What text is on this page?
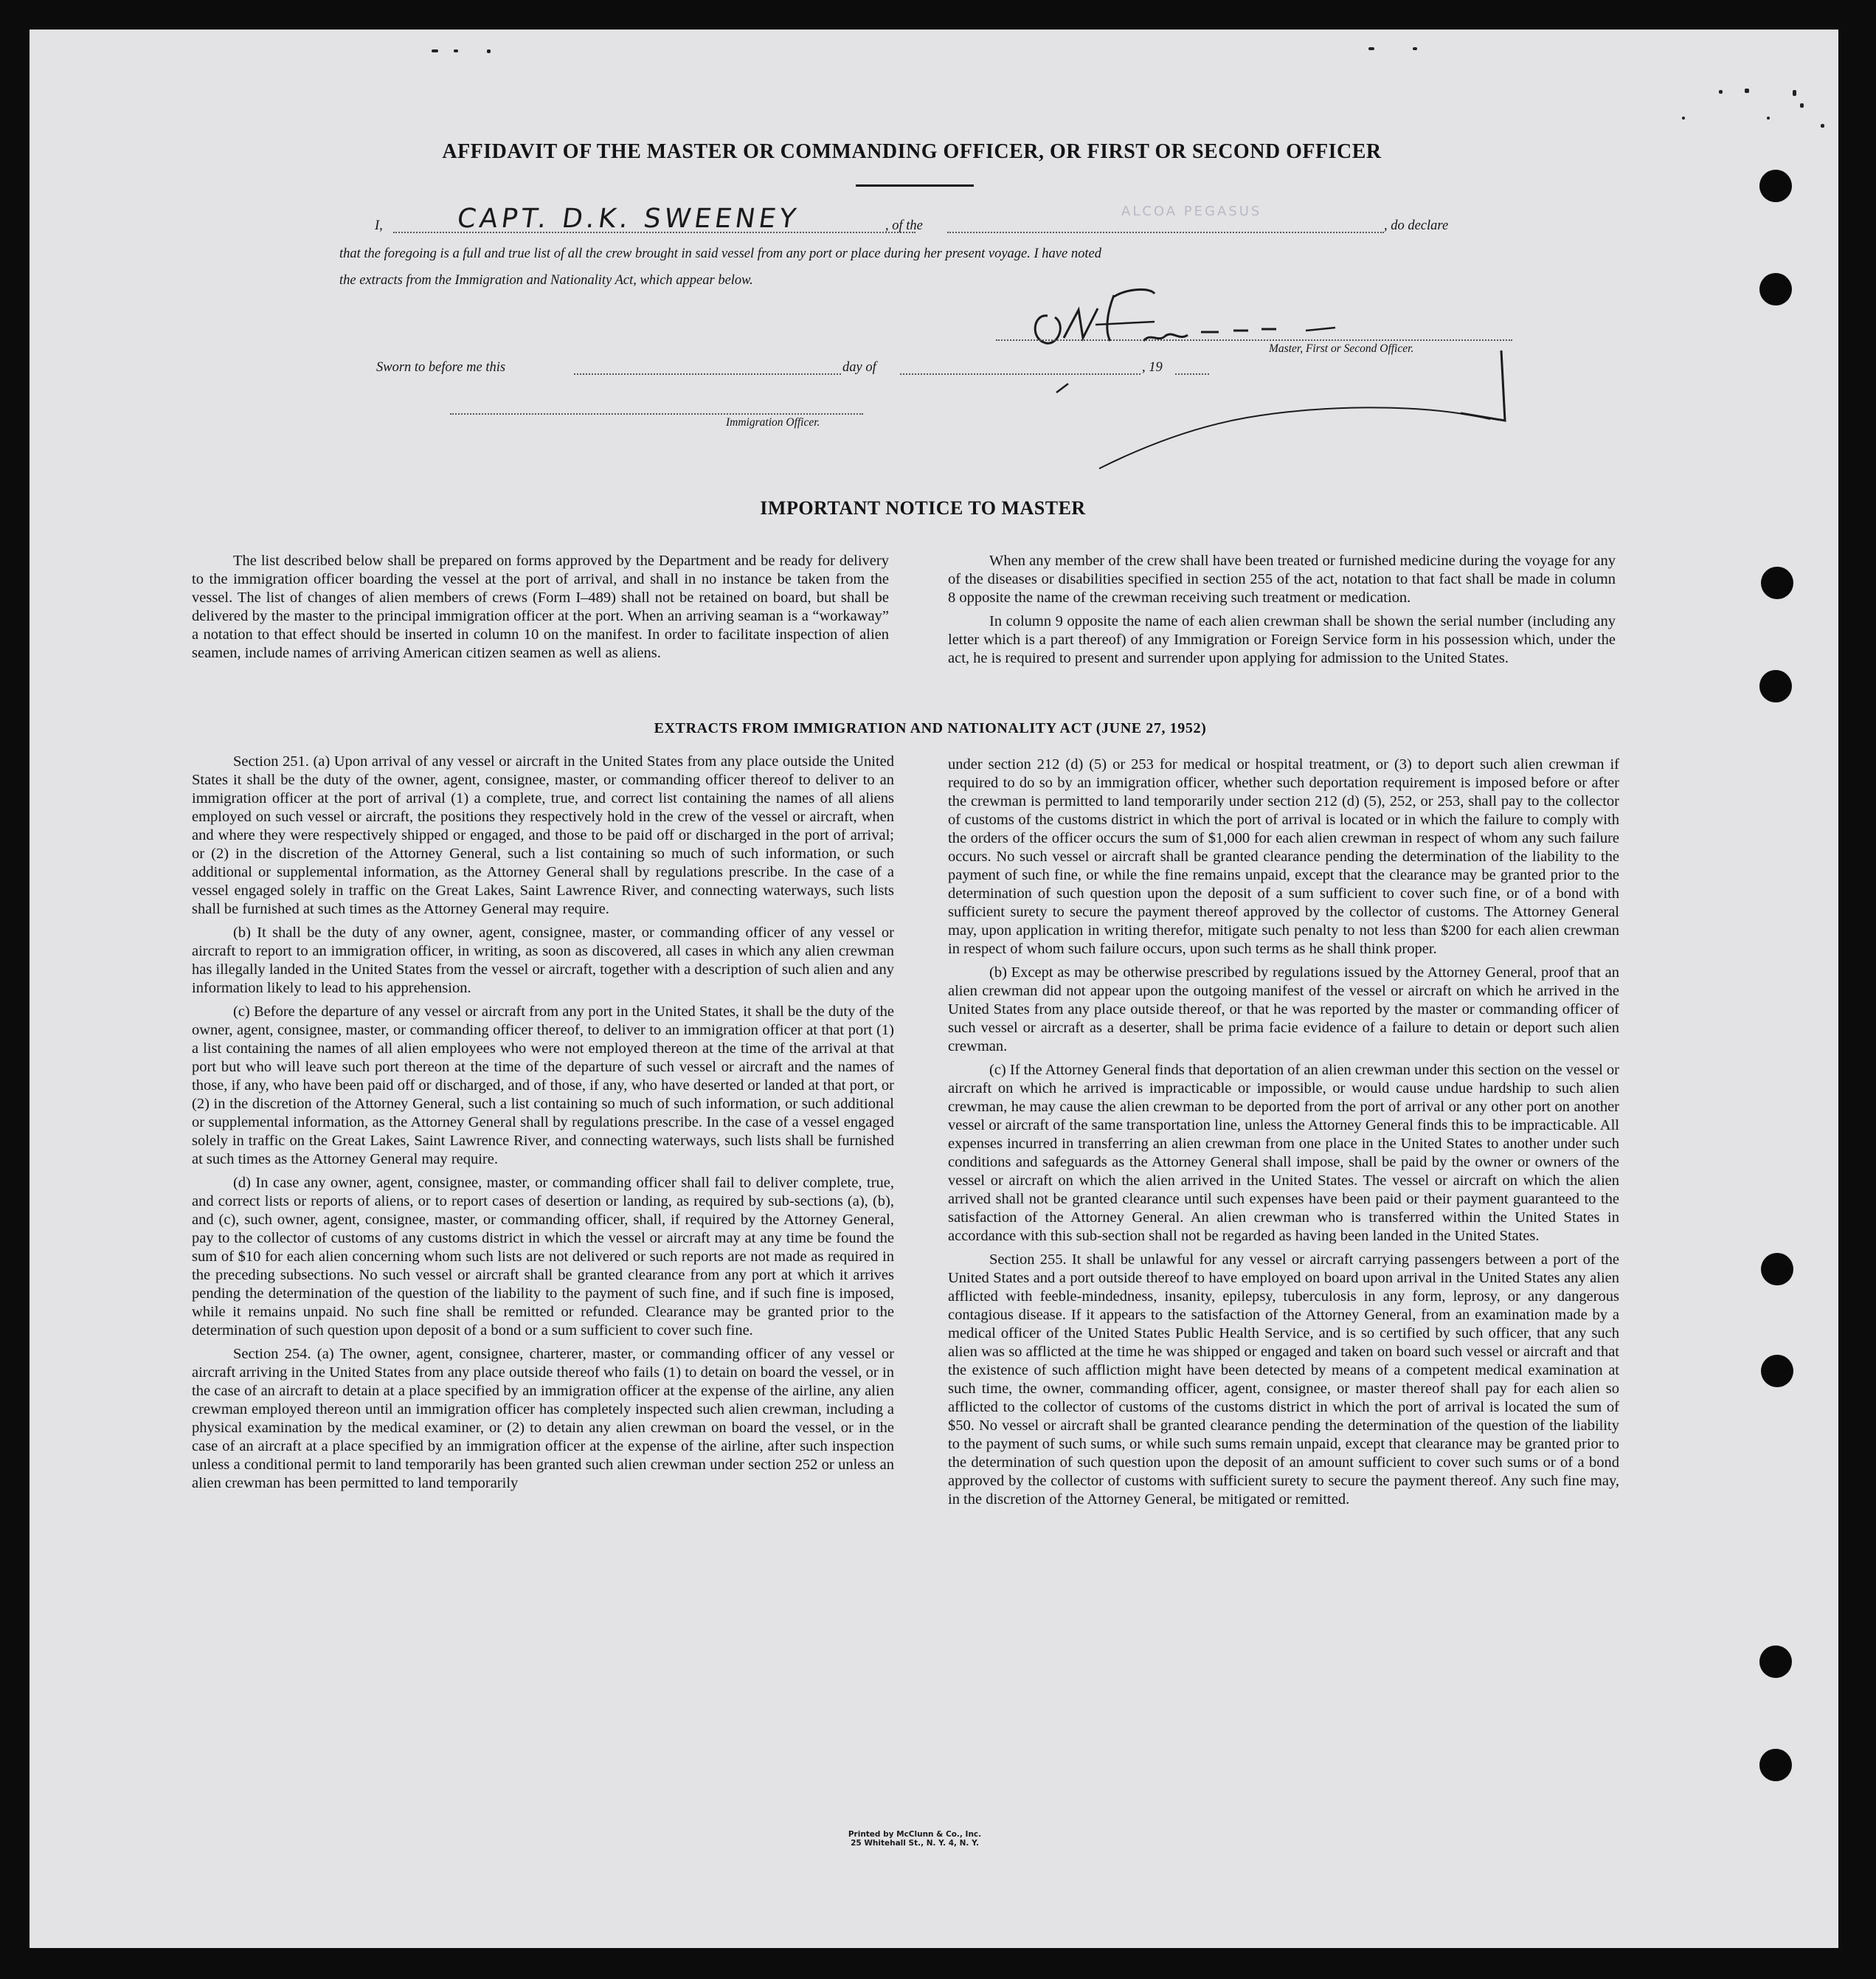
AFFIDAVIT OF THE MASTER OR COMMANDING OFFICER, OR FIRST OR SECOND OFFICER
I,	CAPT. D.K. SWEENEY	, of the
ALCOA PEGASUS
, do declare
that the foregoing is a full and true list of all the crew brought in said vessel from any port or place during her present voyage. I have noted
the extracts from the Immigration and Nationality Act, which appear below.
Master, First or Second Officer.
Sworn to before me this	day of	, 19
Immigration Officer.
IMPORTANT NOTICE TO MASTER

The list described below shall be prepared on forms approved by the Department and be ready for delivery to the immigration officer boarding the vessel at the port of arrival, and shall in no instance be taken from the vessel. The list of changes of alien members of crews (Form I–489) shall not be retained on board, but shall be delivered by the master to the principal immigration officer at the port. When an arriving seaman is a “workaway” a notation to that effect should be inserted in column 10 on the manifest. In order to facilitate inspection of alien seamen, include names of arriving American citizen seamen as well as aliens.

When any member of the crew shall have been treated or furnished medicine during the voyage for any of the diseases or disabilities specified in section 255 of the act, notation to that fact shall be made in column 8 opposite the name of the crewman receiving such treatment or medication.

In column 9 opposite the name of each alien crewman shall be shown the serial number (including any letter which is a part thereof) of any Immigration or Foreign Service form in his possession which, under the act, he is required to present and surrender upon applying for admission to the United States.

EXTRACTS FROM IMMIGRATION AND NATIONALITY ACT (JUNE 27, 1952)

Section 251. (a) Upon arrival of any vessel or aircraft in the United States from any place outside the United States it shall be the duty of the owner, agent, consignee, master, or commanding officer thereof to deliver to an immigration officer at the port of arrival (1) a complete, true, and correct list containing the names of all aliens employed on such vessel or aircraft, the positions they respectively hold in the crew of the vessel or aircraft, when and where they were respectively shipped or engaged, and those to be paid off or discharged in the port of arrival; or (2) in the discretion of the Attorney General, such a list containing so much of such information, or such additional or supplemental information, as the Attorney General shall by regulations prescribe. In the case of a vessel engaged solely in traffic on the Great Lakes, Saint Lawrence River, and connecting waterways, such lists shall be furnished at such times as the Attorney General may require.

(b) It shall be the duty of any owner, agent, consignee, master, or commanding officer of any vessel or aircraft to report to an immigration officer, in writing, as soon as discovered, all cases in which any alien crewman has illegally landed in the United States from the vessel or aircraft, together with a description of such alien and any information likely to lead to his apprehension.

(c) Before the departure of any vessel or aircraft from any port in the United States, it shall be the duty of the owner, agent, consignee, master, or commanding officer thereof, to deliver to an immigration officer at that port (1) a list containing the names of all alien employees who were not employed thereon at the time of the arrival at that port but who will leave such port thereon at the time of the departure of such vessel or aircraft and the names of those, if any, who have been paid off or discharged, and of those, if any, who have deserted or landed at that port, or (2) in the discretion of the Attorney General, such a list containing so much of such information, or such additional or supplemental information, as the Attorney General shall by regulations prescribe. In the case of a vessel engaged solely in traffic on the Great Lakes, Saint Lawrence River, and connecting waterways, such lists shall be furnished at such times as the Attorney General may require.

(d) In case any owner, agent, consignee, master, or commanding officer shall fail to deliver complete, true, and correct lists or reports of aliens, or to report cases of desertion or landing, as required by sub-sections (a), (b), and (c), such owner, agent, consignee, master, or commanding officer, shall, if required by the Attorney General, pay to the collector of customs of any customs district in which the vessel or aircraft may at any time be found the sum of $10 for each alien concerning whom such lists are not delivered or such reports are not made as required in the preceding subsections. No such vessel or aircraft shall be granted clearance from any port at which it arrives pending the determination of the question of the liability to the payment of such fine, and if such fine is imposed, while it remains unpaid. No such fine shall be remitted or refunded. Clearance may be granted prior to the determination of such question upon deposit of a bond or a sum sufficient to cover such fine.

Section 254. (a) The owner, agent, consignee, charterer, master, or commanding officer of any vessel or aircraft arriving in the United States from any place outside thereof who fails (1) to detain on board the vessel, or in the case of an aircraft to detain at a place specified by an immigration officer at the expense of the airline, any alien crewman employed thereon until an immigration officer has completely inspected such alien crewman, including a physical examination by the medical examiner, or (2) to detain any alien crewman on board the vessel, or in the case of an aircraft at a place specified by an immigration officer at the expense of the airline, after such inspection unless a conditional permit to land temporarily has been granted such alien crewman under section 252 or unless an alien crewman has been permitted to land temporarily

under section 212 (d) (5) or 253 for medical or hospital treatment, or (3) to deport such alien crewman if required to do so by an immigration officer, whether such deportation requirement is imposed before or after the crewman is permitted to land temporarily under section 212 (d) (5), 252, or 253, shall pay to the collector of customs of the customs district in which the port of arrival is located or in which the failure to comply with the orders of the officer occurs the sum of $1,000 for each alien crewman in respect of whom any such failure occurs. No such vessel or aircraft shall be granted clearance pending the determination of the liability to the payment of such fine, or while the fine remains unpaid, except that the clearance may be granted prior to the determination of such question upon the deposit of a sum sufficient to cover such fine, or of a bond with sufficient surety to secure the payment thereof approved by the collector of customs. The Attorney General may, upon application in writing therefor, mitigate such penalty to not less than $200 for each alien crewman in respect of whom such failure occurs, upon such terms as he shall think proper.

(b) Except as may be otherwise prescribed by regulations issued by the Attorney General, proof that an alien crewman did not appear upon the outgoing manifest of the vessel or aircraft on which he arrived in the United States from any place outside thereof, or that he was reported by the master or commanding officer of such vessel or aircraft as a deserter, shall be prima facie evidence of a failure to detain or deport such alien crewman.

(c) If the Attorney General finds that deportation of an alien crewman under this section on the vessel or aircraft on which he arrived is impracticable or impossible, or would cause undue hardship to such alien crewman, he may cause the alien crewman to be deported from the port of arrival or any other port on another vessel or aircraft of the same transportation line, unless the Attorney General finds this to be impracticable. All expenses incurred in transferring an alien crewman from one place in the United States to another under such conditions and safeguards as the Attorney General shall impose, shall be paid by the owner or owners of the vessel or aircraft on which the alien arrived in the United States. The vessel or aircraft on which the alien arrived shall not be granted clearance until such expenses have been paid or their payment guaranteed to the satisfaction of the Attorney General. An alien crewman who is transferred within the United States in accordance with this sub-section shall not be regarded as having been landed in the United States.

Section 255. It shall be unlawful for any vessel or aircraft carrying passengers between a port of the United States and a port outside thereof to have employed on board upon arrival in the United States any alien afflicted with feeble-mindedness, insanity, epilepsy, tuberculosis in any form, leprosy, or any dangerous contagious disease. If it appears to the satisfaction of the Attorney General, from an examination made by a medical officer of the United States Public Health Service, and is so certified by such officer, that any such alien was so afflicted at the time he was shipped or engaged and taken on board such vessel or aircraft and that the existence of such affliction might have been detected by means of a competent medical examination at such time, the owner, commanding officer, agent, consignee, or master thereof shall pay for each alien so afflicted to the collector of customs of the customs district in which the port of arrival is located the sum of $50. No vessel or aircraft shall be granted clearance pending the determination of the question of the liability to the payment of such sums, or while such sums remain unpaid, except that clearance may be granted prior to the determination of such question upon the deposit of an amount sufficient to cover such sums or of a bond approved by the collector of customs with sufficient surety to secure the payment thereof. Any such fine may, in the discretion of the Attorney General, be mitigated or remitted.

Printed by McClunn & Co., Inc.
25 Whitehall St., N. Y. 4, N. Y.
